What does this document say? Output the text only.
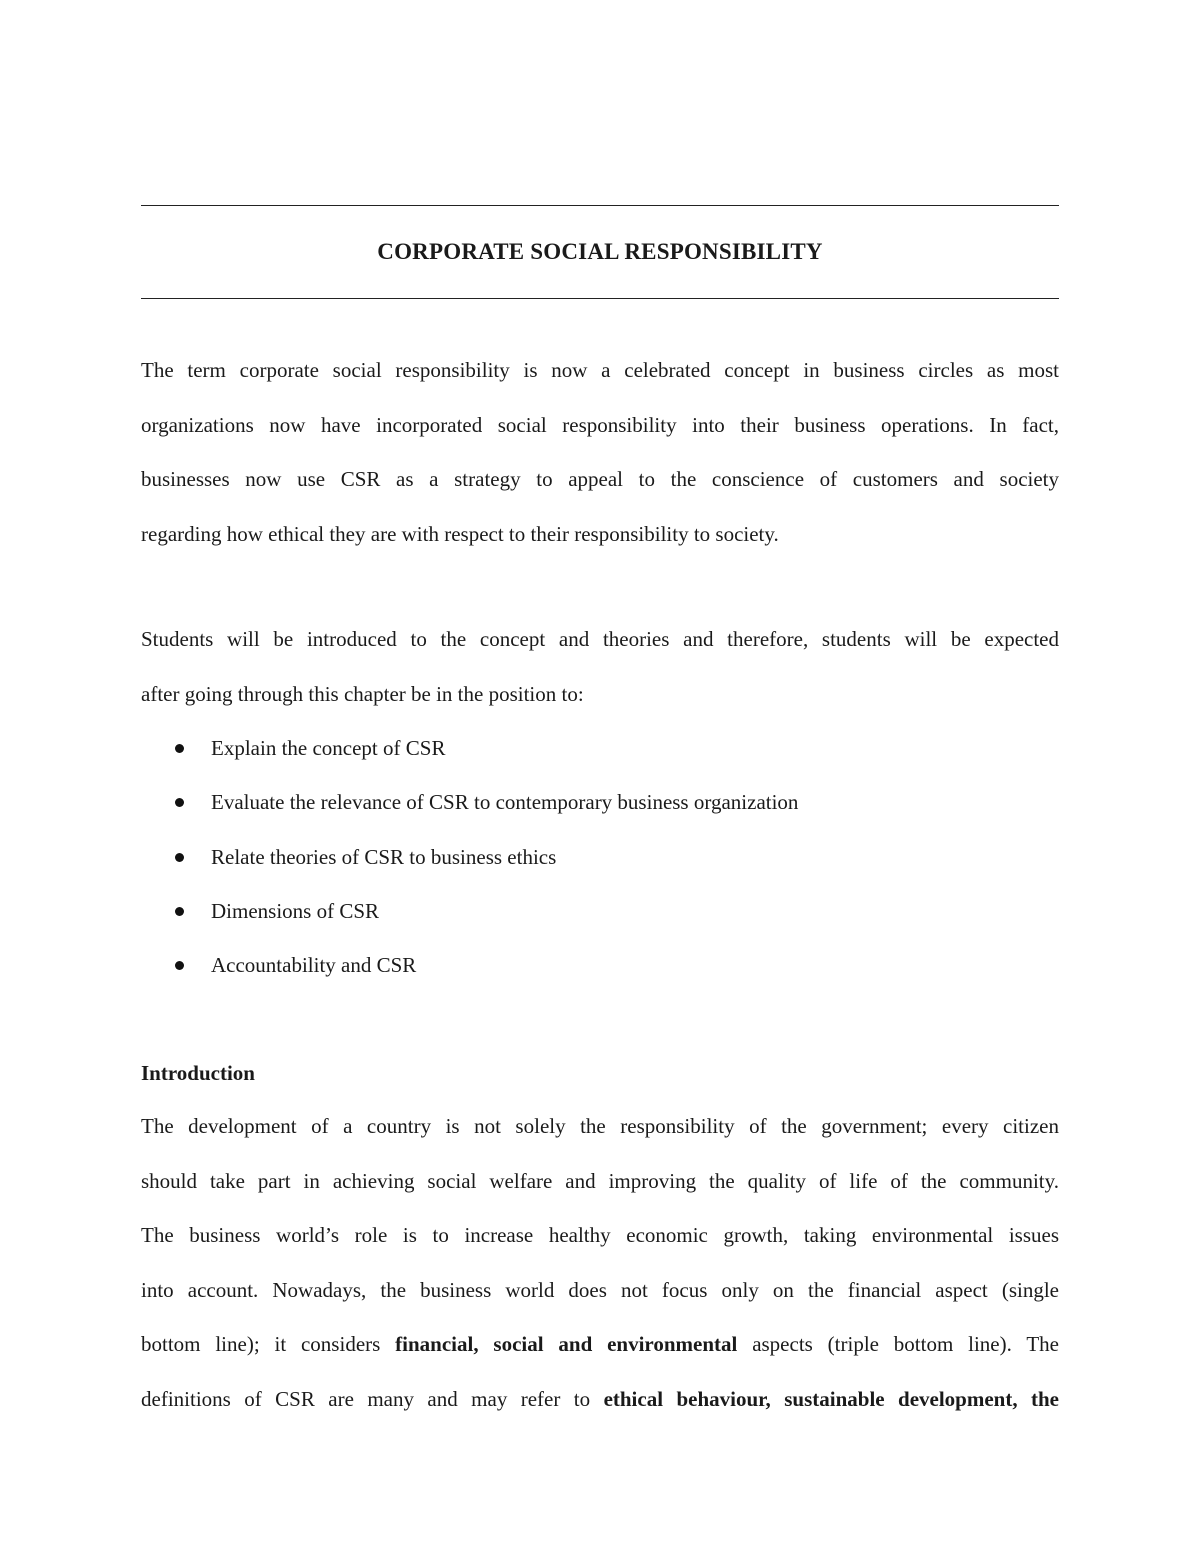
CORPORATE SOCIAL RESPONSIBILITY
The term corporate social responsibility is now a celebrated concept in business circles as most
organizations now have incorporated social responsibility into their business operations. In fact,
businesses now use CSR as a strategy to appeal to the conscience of customers and society
regarding how ethical they are with respect to their responsibility to society.
Students will be introduced to the concept and theories and therefore, students will be expected
after going through this chapter be in the position to:
Explain the concept of CSR
Evaluate the relevance of CSR to contemporary business organization
Relate theories of CSR to business ethics
Dimensions of CSR
Accountability and CSR
Introduction
The development of a country is not solely the responsibility of the government; every citizen
should take part in achieving social welfare and improving the quality of life of the community.
The business world’s role is to increase healthy economic growth, taking environmental issues
into account. Nowadays, the business world does not focus only on the financial aspect (single
bottom line); it considers financial, social and environmental aspects (triple bottom line). The
definitions of CSR are many and may refer to ethical behaviour, sustainable development, the
